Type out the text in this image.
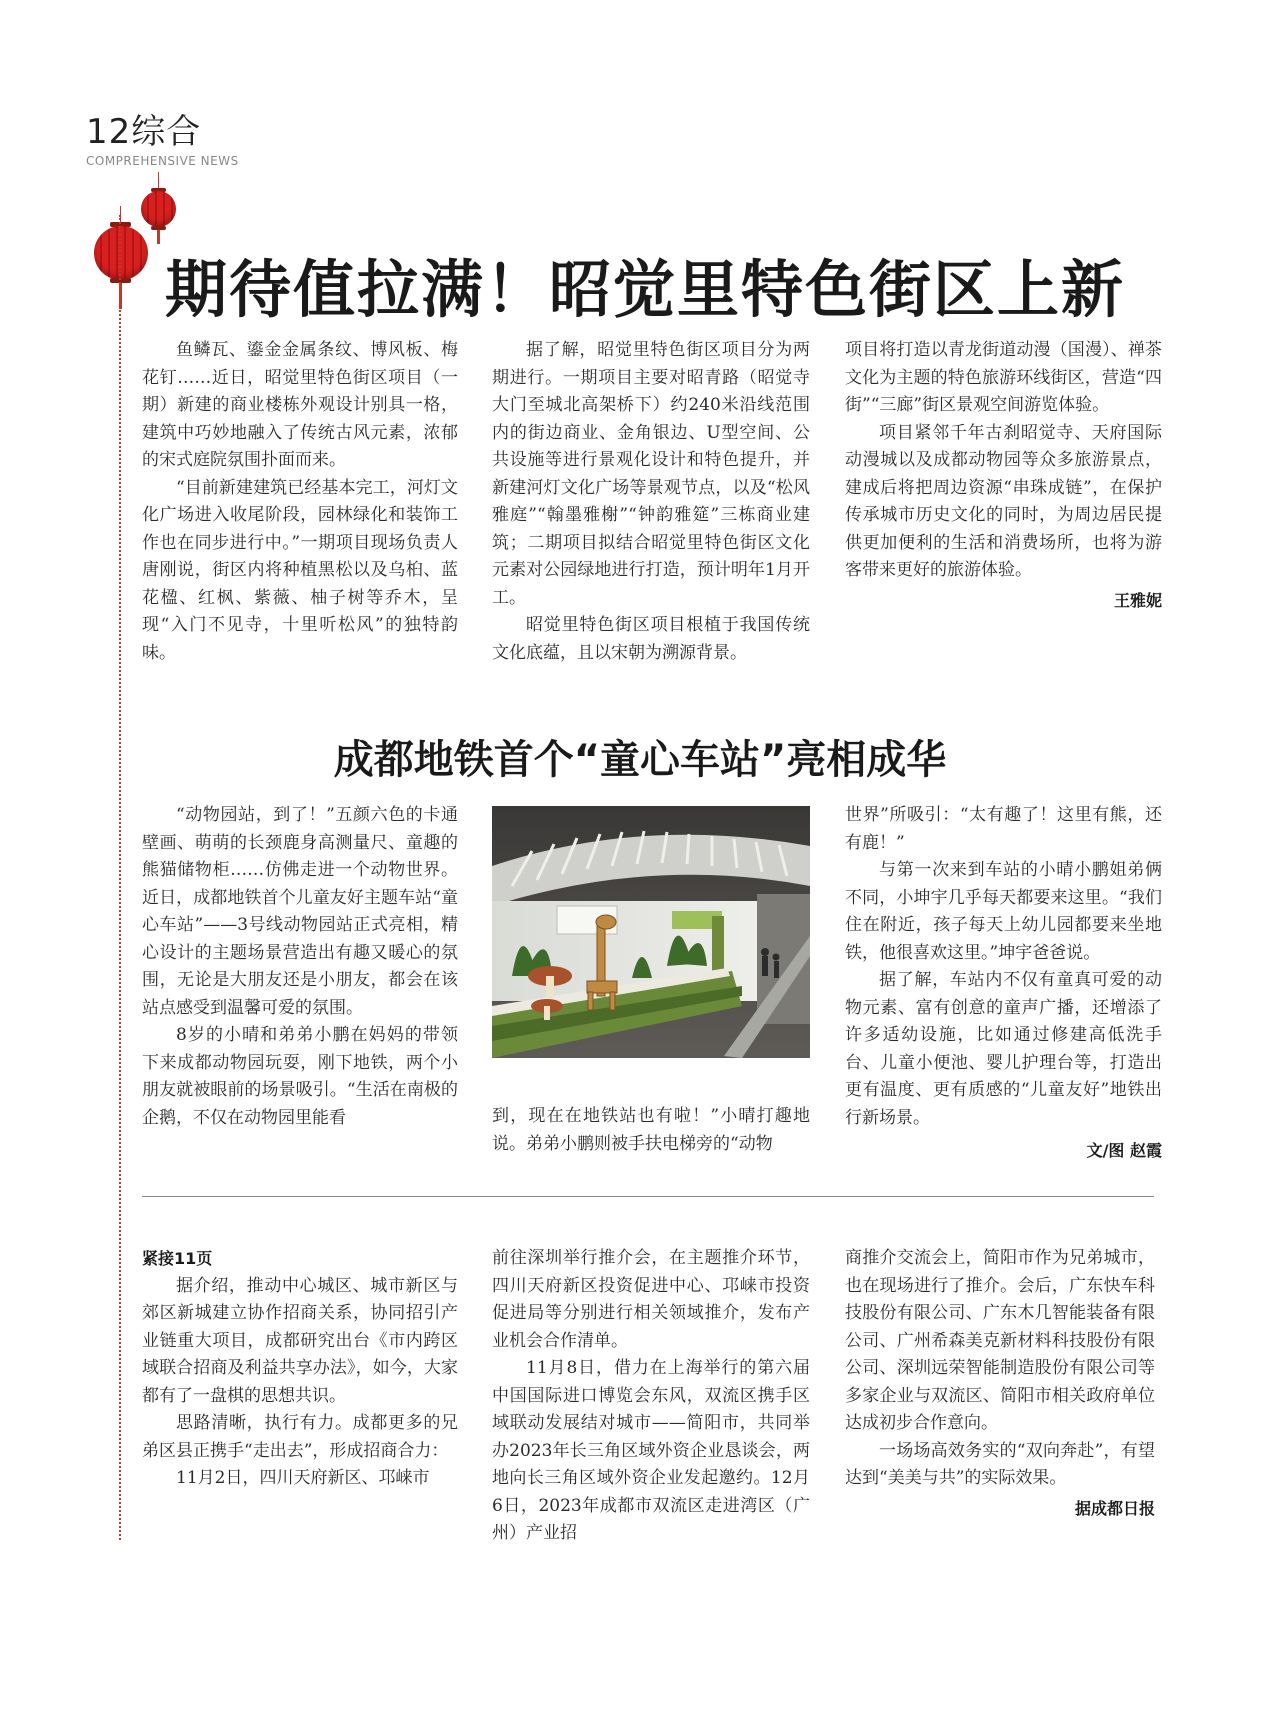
12综合
COMPREHENSIVE NEWS
期待值拉满！昭觉里特色街区上新

鱼鳞瓦、鎏金金属条纹、博风板、梅花钉……近日，昭觉里特色街区项目（一期）新建的商业楼栋外观设计别具一格，建筑中巧妙地融入了传统古风元素，浓郁的宋式庭院氛围扑面而来。

“目前新建建筑已经基本完工，河灯文化广场进入收尾阶段，园林绿化和装饰工作也在同步进行中。”一期项目现场负责人唐刚说，街区内将种植黑松以及乌桕、蓝花楹、红枫、紫薇、柚子树等乔木，呈现“入门不见寺，十里听松风”的独特韵味。

据了解，昭觉里特色街区项目分为两期进行。一期项目主要对昭青路（昭觉寺大门至城北高架桥下）约240米沿线范围内的街边商业、金角银边、U型空间、公共设施等进行景观化设计和特色提升，并新建河灯文化广场等景观节点，以及“松风雅庭”“翰墨雅榭”“钟韵雅筵”三栋商业建筑；二期项目拟结合昭觉里特色街区文化元素对公园绿地进行打造，预计明年1月开工。

昭觉里特色街区项目根植于我国传统文化底蕴，且以宋朝为溯源背景。

项目将打造以青龙街道动漫（国漫）、禅茶文化为主题的特色旅游环线街区，营造“四街”“三廊”街区景观空间游览体验。

项目紧邻千年古刹昭觉寺、天府国际动漫城以及成都动物园等众多旅游景点，建成后将把周边资源“串珠成链”，在保护传承城市历史文化的同时，为周边居民提供更加便利的生活和消费场所，也将为游客带来更好的旅游体验。

王雅妮
成都地铁首个“童心车站”亮相成华

“动物园站，到了！”五颜六色的卡通壁画、萌萌的长颈鹿身高测量尺、童趣的熊猫储物柜……仿佛走进一个动物世界。近日，成都地铁首个儿童友好主题车站“童心车站”——3号线动物园站正式亮相，精心设计的主题场景营造出有趣又暖心的氛围，无论是大朋友还是小朋友，都会在该站点感受到温馨可爱的氛围。

8岁的小晴和弟弟小鹏在妈妈的带领下来成都动物园玩耍，刚下地铁，两个小朋友就被眼前的场景吸引。“生活在南极的企鹅，不仅在动物园里能看	到，现在在地铁站也有啦！”小晴打趣地说。弟弟小鹏则被手扶电梯旁的“动物

世界”所吸引：“太有趣了！这里有熊，还有鹿！”

与第一次来到车站的小晴小鹏姐弟俩不同，小坤宇几乎每天都要来这里。“我们住在附近，孩子每天上幼儿园都要来坐地铁，他很喜欢这里。”坤宇爸爸说。

据了解，车站内不仅有童真可爱的动物元素、富有创意的童声广播，还增添了许多适幼设施，比如通过修建高低洗手台、儿童小便池、婴儿护理台等，打造出更有温度、更有质感的“儿童友好”地铁出行新场景。

文/图 赵霞
紧接11页

据介绍，推动中心城区、城市新区与郊区新城建立协作招商关系，协同招引产业链重大项目，成都研究出台《市内跨区域联合招商及利益共享办法》，如今，大家都有了一盘棋的思想共识。

思路清晰，执行有力。成都更多的兄弟区县正携手“走出去”，形成招商合力：

11月2日，四川天府新区、邛崃市

前往深圳举行推介会，在主题推介环节，四川天府新区投资促进中心、邛崃市投资促进局等分别进行相关领域推介，发布产业机会合作清单。

11月8日，借力在上海举行的第六届中国国际进口博览会东风，双流区携手区域联动发展结对城市——简阳市，共同举办2023年长三角区域外资企业恳谈会，两地向长三角区域外资企业发起邀约。12月6日，2023年成都市双流区走进湾区（广州）产业招

商推介交流会上，简阳市作为兄弟城市，也在现场进行了推介。会后，广东快车科技股份有限公司、广东木几智能装备有限公司、广州希森美克新材料科技股份有限公司、深圳远荣智能制造股份有限公司等多家企业与双流区、简阳市相关政府单位达成初步合作意向。

一场场高效务实的“双向奔赴”，有望达到“美美与共”的实际效果。

据成都日报
